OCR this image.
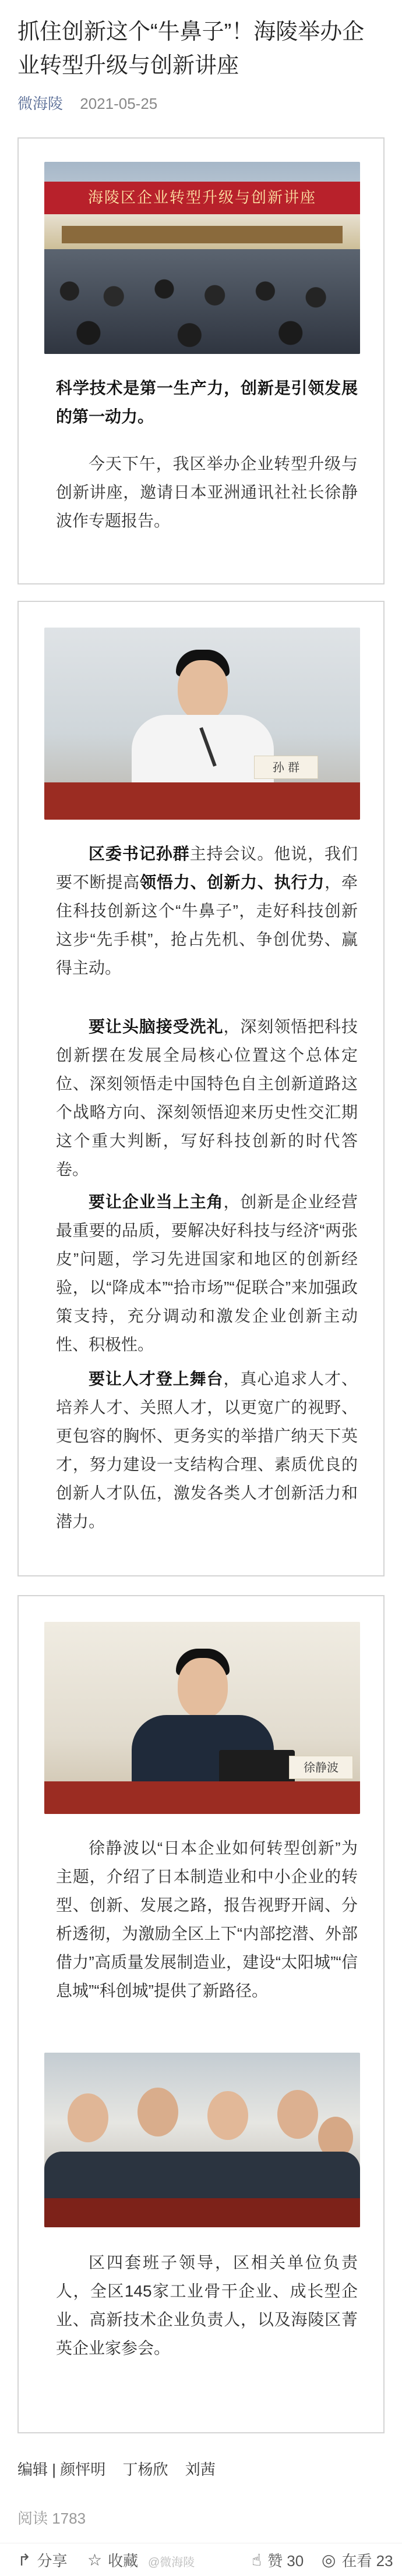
抓住创新这个“牛鼻子”！海陵举办企业转型升级与创新讲座
微海陵 2021-05-25
海陵区企业转型升级与创新讲座

科学技术是第一生产力，创新是引领发展的第一动力。

今天下午，我区举办企业转型升级与创新讲座，邀请日本亚洲通讯社社长徐静波作专题报告。

孙 群

区委书记孙群主持会议。他说，我们要不断提高领悟力、创新力、执行力，牵住科技创新这个“牛鼻子”，走好科技创新这步“先手棋”，抢占先机、争创优势、赢得主动。

要让头脑接受洗礼，深刻领悟把科技创新摆在发展全局核心位置这个总体定位、深刻领悟走中国特色自主创新道路这个战略方向、深刻领悟迎来历史性交汇期这个重大判断，写好科技创新的时代答卷。

要让企业当上主角，创新是企业经营最重要的品质，要解决好科技与经济“两张皮”问题，学习先进国家和地区的创新经验，以“降成本”“拾市场”“促联合”来加强政策支持，充分调动和激发企业创新主动性、积极性。

要让人才登上舞台，真心追求人才、培养人才、关照人才，以更宽广的视野、更包容的胸怀、更务实的举措广纳天下英才，努力建设一支结构合理、素质优良的创新人才队伍，激发各类人才创新活力和潜力。

徐静波

徐静波以“日本企业如何转型创新”为主题，介绍了日本制造业和中小企业的转型、创新、发展之路，报告视野开阔、分析透彻，为激励全区上下“内部挖潜、外部借力”高质量发展制造业，建设“太阳城”“信息城”“科创城”提供了新路径。

区四套班子领导，区相关单位负责人，全区145家工业骨干企业、成长型企业、高新技术企业负责人，以及海陵区菁英企业家参会。

编辑 | 颜怦明 丁杨欣 刘茜
阅读 1783
↱ 分享 ☆ 收藏 @微海陵	☝ 赞 30 ◎ 在看 23
